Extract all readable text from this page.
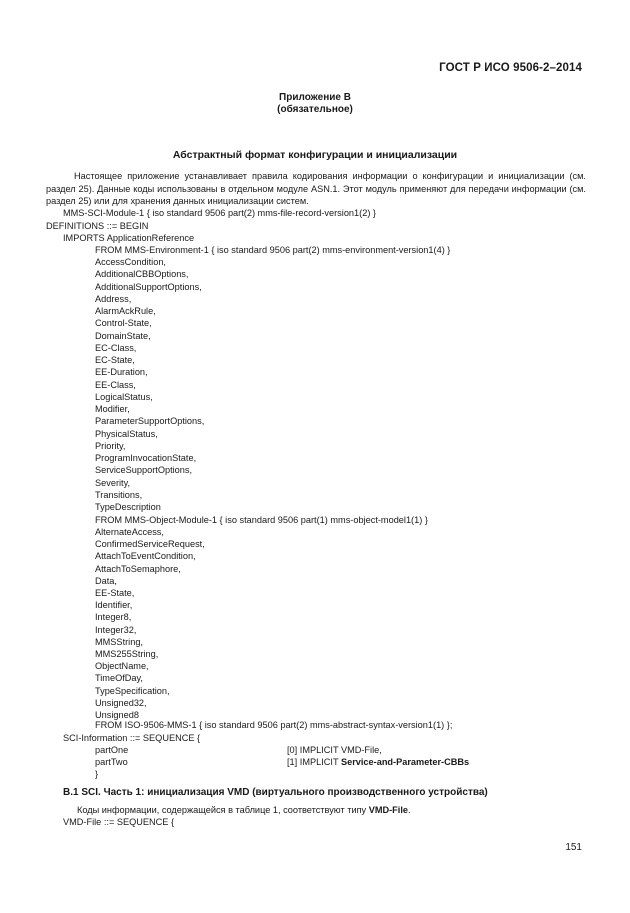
ГОСТ Р ИСО 9506-2–2014
Приложение В
(обязательное)
Абстрактный формат конфигурации и инициализации
Настоящее приложение устанавливает правила кодирования информации о конфигурации и инициализации (см. раздел 25). Данные коды использованы в отдельном модуле ASN.1. Этот модуль применяют для передачи информации (см. раздел 25) или для хранения данных инициализации систем.
MMS-SCI-Module-1 { iso standard 9506 part(2) mms-file-record-version1(2) }
DEFINITIONS ::= BEGIN
IMPORTS ApplicationReference
FROM MMS-Environment-1 { iso standard 9506 part(2) mms-environment-version1(4) }
AccessCondition,
AdditionalCBBOptions,
AdditionalSupportOptions,
Address,
AlarmAckRule,
Control-State,
DomainState,
EC-Class,
EC-State,
EE-Duration,
EE-Class,
LogicalStatus,
Modifier,
ParameterSupportOptions,
PhysicalStatus,
Priority,
ProgramInvocationState,
ServiceSupportOptions,
Severity,
Transitions,
TypeDescription
FROM MMS-Object-Module-1 { iso standard 9506 part(1) mms-object-model1(1) }
AlternateAccess,
ConfirmedServiceRequest,
AttachToEventCondition,
AttachToSemaphore,
Data,
EE-State,
Identifier,
Integer8,
Integer32,
MMSString,
MMS255String,
ObjectName,
TimeOfDay,
TypeSpecification,
Unsigned32,
Unsigned8
FROM ISO-9506-MMS-1 { iso standard 9506 part(2) mms-abstract-syntax-version1(1) };
SCI-Information ::= SEQUENCE {
partOne	[0] IMPLICIT VMD-File,
partTwo	[1] IMPLICIT Service-and-Parameter-CBBs
}
В.1 SCI. Часть 1: инициализация VMD (виртуального производственного устройства)
Коды информации, содержащейся в таблице 1, соответствуют типу VMD-File.
VMD-File ::= SEQUENCE {
151
